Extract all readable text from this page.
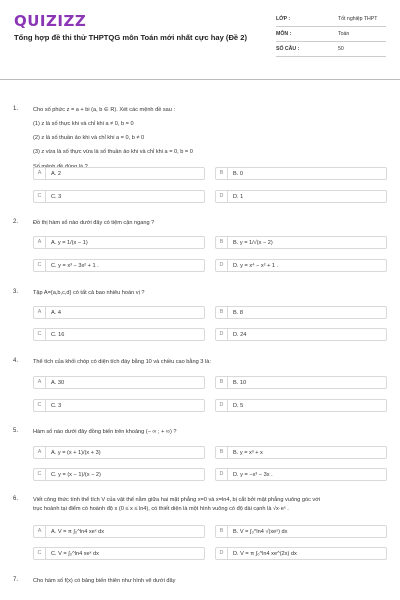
QUIZIZZ
Tổng hợp đề thi thử THPTQG môn Toán mới nhất cực hay (Đề 2)
LỚP :	Tốt nghiệp THPT
MÔN :	Toán
SỐ CÂU :	50
1.	Cho số phức z = a + bi (a, b ∈ R). Xét các mệnh đề sau :
(1) z là số thực khi và chỉ khi a ≠ 0, b = 0
(2) z là số thuần ảo khi và chỉ khi a = 0, b ≠ 0
(3) z vừa là số thực vừa là số thuần ảo khi và chỉ khi a = 0, b = 0
A	A. 2	B	B. 0
C	C. 3	D	D. 1
2.	Đồ thị hàm số nào dưới đây có tiệm cận ngang ?
A	A. y = 1/(x − 1)	B	B. y = 1/√(x − 2)
C	C. y = x³ − 3x² + 1 .	D	D. y = x⁴ − x² + 1 .
3.	Tập A={a,b,c,d} có tất cả bao nhiêu hoán vị ?
A	A. 4	B	B. 8
C	C. 16	D	D. 24
4.	Thể tích của khối chóp có diện tích đáy bằng 10 và chiều cao bằng 3 là:
A	A. 30	B	B. 10
C	C. 3	D	D. 5
5.	Hàm số nào dưới đây đồng biến trên khoảng (− ∞ ; + ∞) ?
A	A. y = (x + 1)/(x + 3)	B	B. y = x³ + x
C	C. y = (x − 1)/(x − 2)	D	D. y = −x³ − 3x .
6.	Viết công thức tính thể tích V của vật thể nằm giữa hai mặt phẳng x=0 và x=ln4, bị cắt bởi mặt phẳng vuông góc với
trục hoành tại điểm có hoành độ x (0 ≤ x ≤ ln4), có thiết diện là một hình vuông có độ dài cạnh là √x·eˣ .
A	A. V = π ∫₀^ln4 xeˣ dx	B	B. V = ∫₀^ln4 √(xeˣ) dx
C	C. V = ∫₀^ln4 xeˣ dx	D	D. V = π ∫₀^ln4 xe^(2x) dx
7.	Cho hàm số f(x) có bảng biến thiên như hình vẽ dưới đây
